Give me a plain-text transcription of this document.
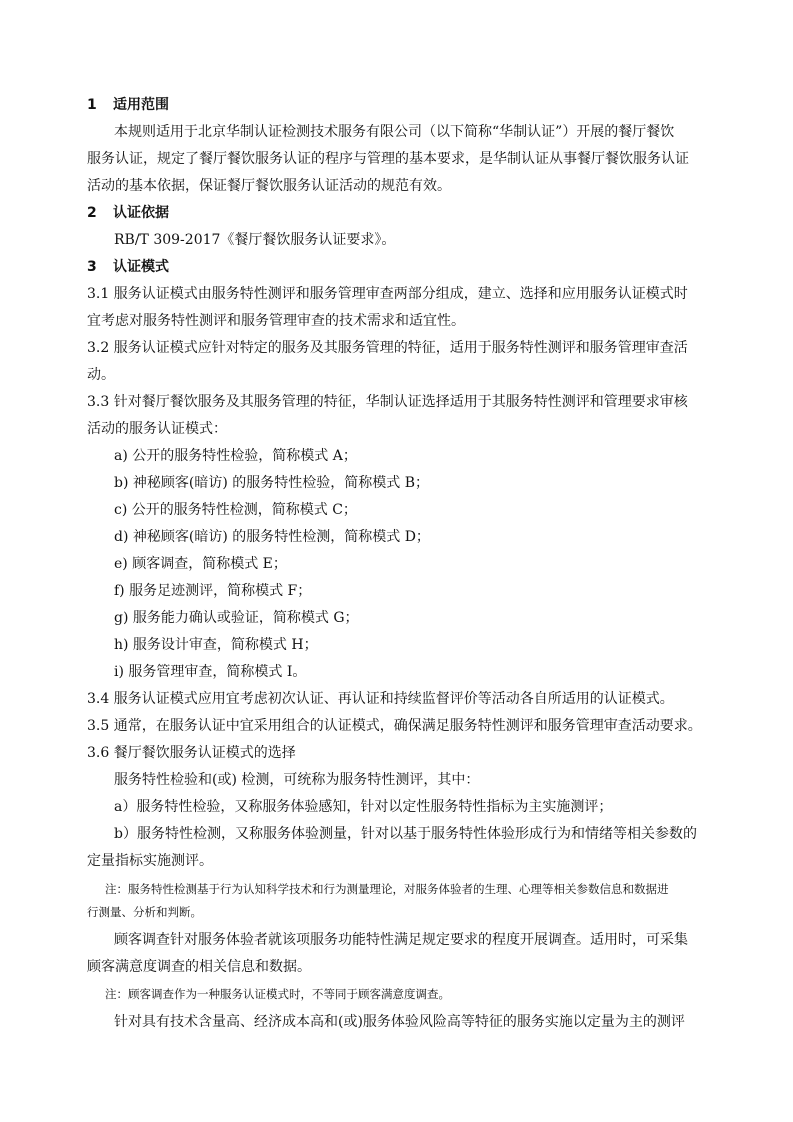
1 适用范围
本规则适用于北京华制认证检测技术服务有限公司（以下简称“华制认证”）开展的餐厅餐饮
服务认证，规定了餐厅餐饮服务认证的程序与管理的基本要求，是华制认证从事餐厅餐饮服务认证
活动的基本依据，保证餐厅餐饮服务认证活动的规范有效。
2 认证依据
RB/T 309-2017《餐厅餐饮服务认证要求》。
3 认证模式
3.1 服务认证模式由服务特性测评和服务管理审查两部分组成，建立、选择和应用服务认证模式时
宜考虑对服务特性测评和服务管理审查的技术需求和适宜性。
3.2 服务认证模式应针对特定的服务及其服务管理的特征，适用于服务特性测评和服务管理审查活
动。
3.3 针对餐厅餐饮服务及其服务管理的特征，华制认证选择适用于其服务特性测评和管理要求审核
活动的服务认证模式：
a) 公开的服务特性检验，简称模式 A；
b) 神秘顾客(暗访) 的服务特性检验，简称模式 B；
c) 公开的服务特性检测，简称模式 C；
d) 神秘顾客(暗访) 的服务特性检测，简称模式 D；
e) 顾客调查，简称模式 E；
f) 服务足迹测评，简称模式 F；
g) 服务能力确认或验证，简称模式 G；
h) 服务设计审查，简称模式 H；
i) 服务管理审查，简称模式 I。
3.4 服务认证模式应用宜考虑初次认证、再认证和持续监督评价等活动各自所适用的认证模式。
3.5 通常，在服务认证中宜采用组合的认证模式，确保满足服务特性测评和服务管理审查活动要求。
3.6 餐厅餐饮服务认证模式的选择
服务特性检验和(或) 检测，可统称为服务特性测评，其中：
a）服务特性检验，又称服务体验感知，针对以定性服务特性指标为主实施测评；
b）服务特性检测，又称服务体验测量，针对以基于服务特性体验形成行为和情绪等相关参数的
定量指标实施测评。
注：服务特性检测基于行为认知科学技术和行为测量理论，对服务体验者的生理、心理等相关参数信息和数据进
行测量、分析和判断。
顾客调查针对服务体验者就该项服务功能特性满足规定要求的程度开展调查。适用时，可采集
顾客满意度调查的相关信息和数据。
注：顾客调查作为一种服务认证模式时，不等同于顾客满意度调查。
针对具有技术含量高、经济成本高和(或)服务体验风险高等特征的服务实施以定量为主的测评
